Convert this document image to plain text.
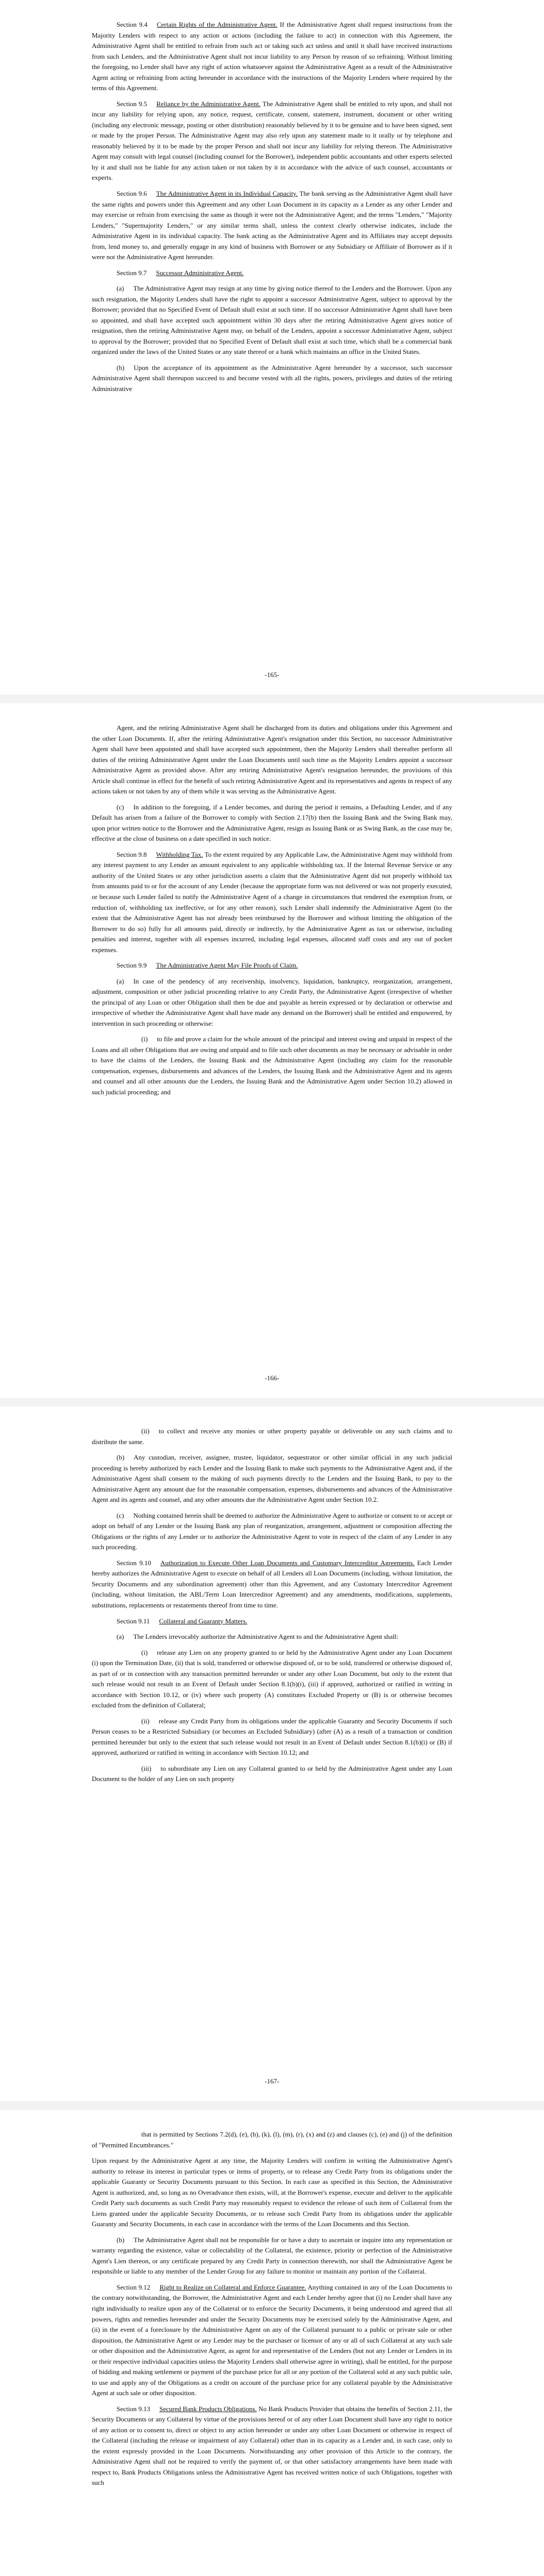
Section 9.4 Certain Rights of the Administrative Agent. If the Administrative Agent shall request instructions from the Majority Lenders with respect to any action or actions (including the failure to act) in connection with this Agreement, the Administrative Agent shall be entitled to refrain from such act or taking such act unless and until it shall have received instructions from such Lenders, and the Administrative Agent shall not incur liability to any Person by reason of so refraining. Without limiting the foregoing, no Lender shall have any right of action whatsoever against the Administrative Agent as a result of the Administrative Agent acting or refraining from acting hereunder in accordance with the instructions of the Majority Lenders where required by the terms of this Agreement.

Section 9.5 Reliance by the Administrative Agent. The Administrative Agent shall be entitled to rely upon, and shall not incur any liability for relying upon, any notice, request, certificate, consent, statement, instrument, document or other writing (including any electronic message, posting or other distribution) reasonably believed by it to be genuine and to have been signed, sent or made by the proper Person. The Administrative Agent may also rely upon any statement made to it orally or by telephone and reasonably believed by it to be made by the proper Person and shall not incur any liability for relying thereon. The Administrative Agent may consult with legal counsel (including counsel for the Borrower), independent public accountants and other experts selected by it and shall not be liable for any action taken or not taken by it in accordance with the advice of such counsel, accountants or experts.

Section 9.6 The Administrative Agent in its Individual Capacity. The bank serving as the Administrative Agent shall have the same rights and powers under this Agreement and any other Loan Document in its capacity as a Lender as any other Lender and may exercise or refrain from exercising the same as though it were not the Administrative Agent; and the terms "Lenders," "Majority Lenders," "Supermajority Lenders," or any similar terms shall, unless the context clearly otherwise indicates, include the Administrative Agent in its individual capacity. The bank acting as the Administrative Agent and its Affiliates may accept deposits from, lend money to, and generally engage in any kind of business with Borrower or any Subsidiary or Affiliate of Borrower as if it were not the Administrative Agent hereunder.

Section 9.7 Successor Administrative Agent.

(a) The Administrative Agent may resign at any time by giving notice thereof to the Lenders and the Borrower. Upon any such resignation, the Majority Lenders shall have the right to appoint a successor Administrative Agent, subject to approval by the Borrower; provided that no Specified Event of Default shall exist at such time. If no successor Administrative Agent shall have been so appointed, and shall have accepted such appointment within 30 days after the retiring Administrative Agent gives notice of resignation, then the retiring Administrative Agent may, on behalf of the Lenders, appoint a successor Administrative Agent, subject to approval by the Borrower; provided that no Specified Event of Default shall exist at such time, which shall be a commercial bank organized under the laws of the United States or any state thereof or a bank which maintains an office in the United States.

(b) Upon the acceptance of its appointment as the Administrative Agent hereunder by a successor, such successor Administrative Agent shall thereupon succeed to and become vested with all the rights, powers, privileges and duties of the retiring Administrative

-165-

Agent, and the retiring Administrative Agent shall be discharged from its duties and obligations under this Agreement and the other Loan Documents. If, after the retiring Administrative Agent's resignation under this Section, no successor Administrative Agent shall have been appointed and shall have accepted such appointment, then the Majority Lenders shall thereafter perform all duties of the retiring Administrative Agent under the Loan Documents until such time as the Majority Lenders appoint a successor Administrative Agent as provided above. After any retiring Administrative Agent's resignation hereunder, the provisions of this Article shall continue in effect for the benefit of such retiring Administrative Agent and its representatives and agents in respect of any actions taken or not taken by any of them while it was serving as the Administrative Agent.

(c) In addition to the foregoing, if a Lender becomes, and during the period it remains, a Defaulting Lender, and if any Default has arisen from a failure of the Borrower to comply with Section 2.17(b) then the Issuing Bank and the Swing Bank may, upon prior written notice to the Borrower and the Administrative Agent, resign as Issuing Bank or as Swing Bank, as the case may be, effective at the close of business on a date specified in such notice.

Section 9.8 Withholding Tax. To the extent required by any Applicable Law, the Administrative Agent may withhold from any interest payment to any Lender an amount equivalent to any applicable withholding tax. If the Internal Revenue Service or any authority of the United States or any other jurisdiction asserts a claim that the Administrative Agent did not properly withhold tax from amounts paid to or for the account of any Lender (because the appropriate form was not delivered or was not properly executed, or because such Lender failed to notify the Administrative Agent of a change in circumstances that rendered the exemption from, or reduction of, withholding tax ineffective, or for any other reason), such Lender shall indemnify the Administrative Agent (to the extent that the Administrative Agent has not already been reimbursed by the Borrower and without limiting the obligation of the Borrower to do so) fully for all amounts paid, directly or indirectly, by the Administrative Agent as tax or otherwise, including penalties and interest, together with all expenses incurred, including legal expenses, allocated staff costs and any out of pocket expenses.

Section 9.9 The Administrative Agent May File Proofs of Claim.

(a) In case of the pendency of any receivership, insolvency, liquidation, bankruptcy, reorganization, arrangement, adjustment, composition or other judicial proceeding relative to any Credit Party, the Administrative Agent (irrespective of whether the principal of any Loan or other Obligation shall then be due and payable as herein expressed or by declaration or otherwise and irrespective of whether the Administrative Agent shall have made any demand on the Borrower) shall be entitled and empowered, by intervention in such proceeding or otherwise:

(i) to file and prove a claim for the whole amount of the principal and interest owing and unpaid in respect of the Loans and all other Obligations that are owing and unpaid and to file such other documents as may be necessary or advisable in order to have the claims of the Lenders, the Issuing Bank and the Administrative Agent (including any claim for the reasonable compensation, expenses, disbursements and advances of the Lenders, the Issuing Bank and the Administrative Agent and its agents and counsel and all other amounts due the Lenders, the Issuing Bank and the Administrative Agent under Section 10.2) allowed in such judicial proceeding; and

-166-

(ii) to collect and receive any monies or other property payable or deliverable on any such claims and to distribute the same.

(b) Any custodian, receiver, assignee, trustee, liquidator, sequestrator or other similar official in any such judicial proceeding is hereby authorized by each Lender and the Issuing Bank to make such payments to the Administrative Agent and, if the Administrative Agent shall consent to the making of such payments directly to the Lenders and the Issuing Bank, to pay to the Administrative Agent any amount due for the reasonable compensation, expenses, disbursements and advances of the Administrative Agent and its agents and counsel, and any other amounts due the Administrative Agent under Section 10.2.

(c) Nothing contained herein shall be deemed to authorize the Administrative Agent to authorize or consent to or accept or adopt on behalf of any Lender or the Issuing Bank any plan of reorganization, arrangement, adjustment or composition affecting the Obligations or the rights of any Lender or to authorize the Administrative Agent to vote in respect of the claim of any Lender in any such proceeding.

Section 9.10 Authorization to Execute Other Loan Documents and Customary Intercreditor Agreements. Each Lender hereby authorizes the Administrative Agent to execute on behalf of all Lenders all Loan Documents (including, without limitation, the Security Documents and any subordination agreement) other than this Agreement, and any Customary Intercreditor Agreement (including, without limitation, the ABL/Term Loan Intercreditor Agreement) and any amendments, modifications, supplements, substitutions, replacements or restatements thereof from time to time.

Section 9.11 Collateral and Guaranty Matters.

(a) The Lenders irrevocably authorize the Administrative Agent to and the Administrative Agent shall:

(i) release any Lien on any property granted to or held by the Administrative Agent under any Loan Document (i) upon the Termination Date, (ii) that is sold, transferred or otherwise disposed of, or to be sold, transferred or otherwise disposed of, as part of or in connection with any transaction permitted hereunder or under any other Loan Document, but only to the extent that such release would not result in an Event of Default under Section 8.1(b)(i), (iii) if approved, authorized or ratified in writing in accordance with Section 10.12, or (iv) where such property (A) constitutes Excluded Property or (B) is or otherwise becomes excluded from the definition of Collateral;

(ii) release any Credit Party from its obligations under the applicable Guaranty and Security Documents if such Person ceases to be a Restricted Subsidiary (or becomes an Excluded Subsidiary) (after (A) as a result of a transaction or condition permitted hereunder but only to the extent that such release would not result in an Event of Default under Section 8.1(b)(i) or (B) if approved, authorized or ratified in writing in accordance with Section 10.12; and

(iii) to subordinate any Lien on any Collateral granted to or held by the Administrative Agent under any Loan Document to the holder of any Lien on such property

-167-

that is permitted by Sections 7.2(d), (e), (h), (k), (l), (m), (r), (x) and (z) and clauses (c), (e) and (j) of the definition of "Permitted Encumbrances."

Upon request by the Administrative Agent at any time, the Majority Lenders will confirm in writing the Administrative Agent's authority to release its interest in particular types or items of property, or to release any Credit Party from its obligations under the applicable Guaranty or Security Documents pursuant to this Section. In each case as specified in this Section, the Administrative Agent is authorized, and, so long as no Overadvance then exists, will, at the Borrower's expense, execute and deliver to the applicable Credit Party such documents as such Credit Party may reasonably request to evidence the release of such item of Collateral from the Liens granted under the applicable Security Documents, or to release such Credit Party from its obligations under the applicable Guaranty and Security Documents, in each case in accordance with the terms of the Loan Documents and this Section.

(b) The Administrative Agent shall not be responsible for or have a duty to ascertain or inquire into any representation or warranty regarding the existence, value or collectability of the Collateral, the existence, priority or perfection of the Administrative Agent's Lien thereon, or any certificate prepared by any Credit Party in connection therewith, nor shall the Administrative Agent be responsible or liable to any member of the Lender Group for any failure to monitor or maintain any portion of the Collateral.

Section 9.12 Right to Realize on Collateral and Enforce Guarantee. Anything contained in any of the Loan Documents to the contrary notwithstanding, the Borrower, the Administrative Agent and each Lender hereby agree that (i) no Lender shall have any right individually to realize upon any of the Collateral or to enforce the Security Documents, it being understood and agreed that all powers, rights and remedies hereunder and under the Security Documents may be exercised solely by the Administrative Agent, and (ii) in the event of a foreclosure by the Administrative Agent on any of the Collateral pursuant to a public or private sale or other disposition, the Administrative Agent or any Lender may be the purchaser or licensor of any or all of such Collateral at any such sale or other disposition and the Administrative Agent, as agent for and representative of the Lenders (but not any Lender or Lenders in its or their respective individual capacities unless the Majority Lenders shall otherwise agree in writing), shall be entitled, for the purpose of bidding and making settlement or payment of the purchase price for all or any portion of the Collateral sold at any such public sale, to use and apply any of the Obligations as a credit on account of the purchase price for any collateral payable by the Administrative Agent at such sale or other disposition.

Section 9.13 Secured Bank Products Obligations. No Bank Products Provider that obtains the benefits of Section 2.11, the Security Documents or any Collateral by virtue of the provisions hereof or of any other Loan Document shall have any right to notice of any action or to consent to, direct or object to any action hereunder or under any other Loan Document or otherwise in respect of the Collateral (including the release or impairment of any Collateral) other than in its capacity as a Lender and, in such case, only to the extent expressly provided in the Loan Documents. Notwithstanding any other provision of this Article to the contrary, the Administrative Agent shall not be required to verify the payment of, or that other satisfactory arrangements have been made with respect to, Bank Products Obligations unless the Administrative Agent has received written notice of such Obligations, together with such
